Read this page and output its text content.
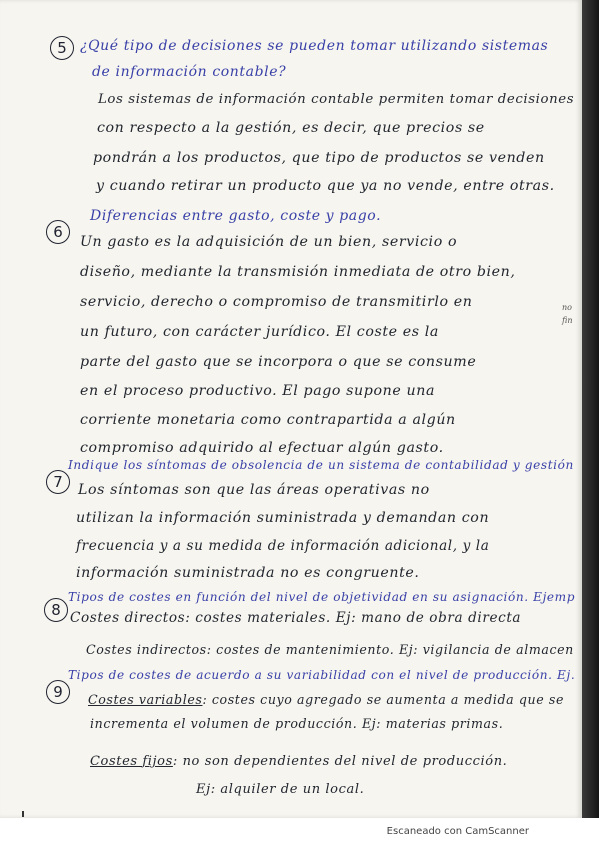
5 ¿Qué tipo de decisiones se pueden tomar utilizando sistemas
de información contable?
Los sistemas de información contable permiten tomar decisiones
con respecto a la gestión, es decir, que precios se
pondrán a los productos, que tipo de productos se venden
y cuando retirar un producto que ya no vende, entre otras.
6
Diferencias entre gasto, coste y pago.
Un gasto es la adquisición de un bien, servicio o
diseño, mediante la transmisión inmediata de otro bien,
servicio, derecho o compromiso de transmitirlo en
un futuro, con carácter jurídico. El coste es la
parte del gasto que se incorpora o que se consume
en el proceso productivo. El pago supone una
corriente monetaria como contrapartida a algún
compromiso adquirido al efectuar algún gasto.
no
fin
7
Indique los síntomas de obsolencia de un sistema de contabilidad y gestión
Los síntomas son que las áreas operativas no
utilizan la información suministrada y demandan con
frecuencia y a su medida de información adicional, y la
información suministrada no es congruente.
8
Tipos de costes en función del nivel de objetividad en su asignación. Ejemp
Costes directos: costes materiales. Ej: mano de obra directa
Costes indirectos: costes de mantenimiento. Ej: vigilancia de almacen
9
Tipos de costes de acuerdo a su variabilidad con el nivel de producción. Ej.
Costes variables: costes cuyo agregado se aumenta a medida que se
incrementa el volumen de producción. Ej: materias primas.
Costes fijos: no son dependientes del nivel de producción.
Ej: alquiler de un local.
Escaneado con CamScanner
